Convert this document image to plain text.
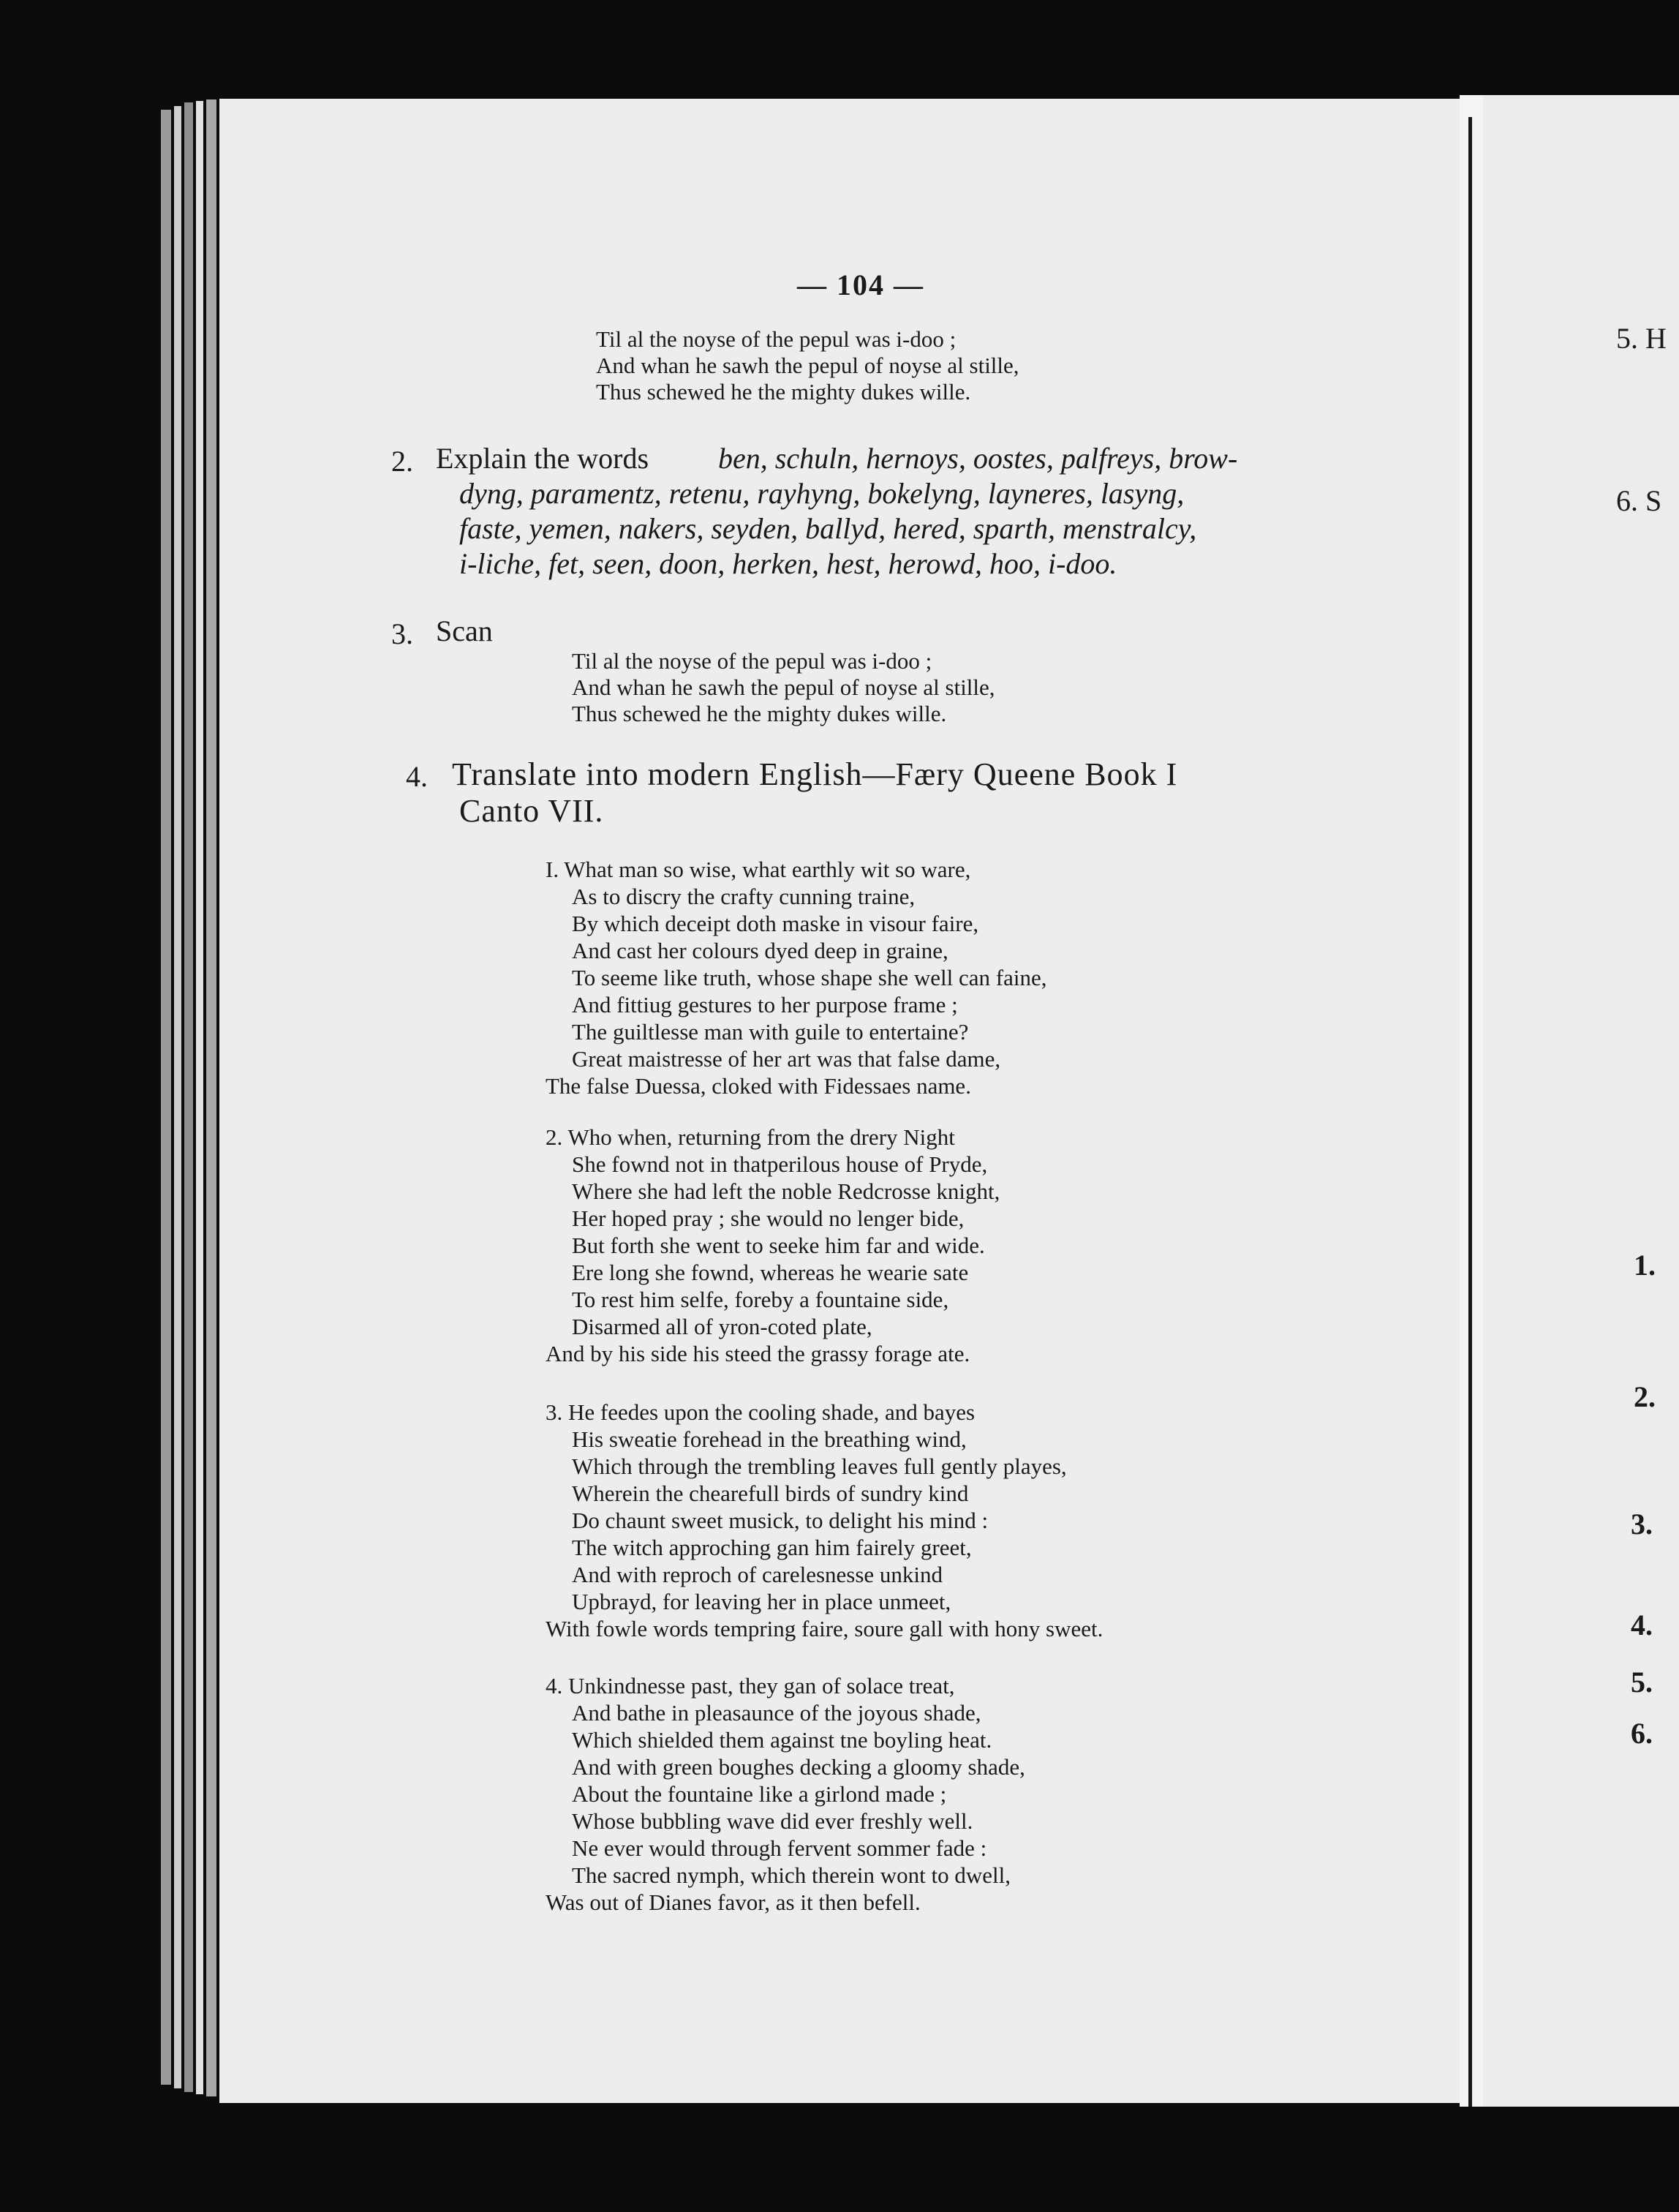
— 104 —
Til al the noyse of the pepul was i-doo ;
And whan he sawh the pepul of noyse al stille,
Thus schewed he the mighty dukes wille.
2. Explain the words ben, schuln, hernoys, oostes, palfreys, brow-
dyng, paramentz, retenu, rayhyng, bokelyng, layneres, lasyng,
faste, yemen, nakers, seyden, ballyd, hered, sparth, menstralcy,
i-liche, fet, seen, doon, herken, hest, herowd, hoo, i-doo.
3. Scan
Til al the noyse of the pepul was i-doo ;
And whan he sawh the pepul of noyse al stille,
Thus schewed he the mighty dukes wille.
4. Translate into modern English—Færy Queene Book I
Canto VII.
I. What man so wise, what earthly wit so ware,
As to discry the crafty cunning traine,
By which deceipt doth maske in visour faire,
And cast her colours dyed deep in graine,
To seeme like truth, whose shape she well can faine,
And fittiug gestures to her purpose frame ;
The guiltlesse man with guile to entertaine?
Great maistresse of her art was that false dame,
The false Duessa, cloked with Fidessaes name.
2. Who when, returning from the drery Night
She fownd not in thatperilous house of Pryde,
Where she had left the noble Redcrosse knight,
Her hoped pray ; she would no lenger bide,
But forth she went to seeke him far and wide.
Ere long she fownd, whereas he wearie sate
To rest him selfe, foreby a fountaine side,
Disarmed all of yron-coted plate,
And by his side his steed the grassy forage ate.
3. He feedes upon the cooling shade, and bayes
His sweatie forehead in the breathing wind,
Which through the trembling leaves full gently playes,
Wherein the chearefull birds of sundry kind
Do chaunt sweet musick, to delight his mind :
The witch approching gan him fairely greet,
And with reproch of carelesnesse unkind
Upbrayd, for leaving her in place unmeet,
With fowle words tempring faire, soure gall with hony sweet.
4. Unkindnesse past, they gan of solace treat,
And bathe in pleasaunce of the joyous shade,
Which shielded them against tne boyling heat.
And with green boughes decking a gloomy shade,
About the fountaine like a girlond made ;
Whose bubbling wave did ever freshly well.
Ne ever would through fervent sommer fade :
The sacred nymph, which therein wont to dwell,
Was out of Dianes favor, as it then befell.
5. H
6. S
1.
2.
3.
4.
5.
6.
